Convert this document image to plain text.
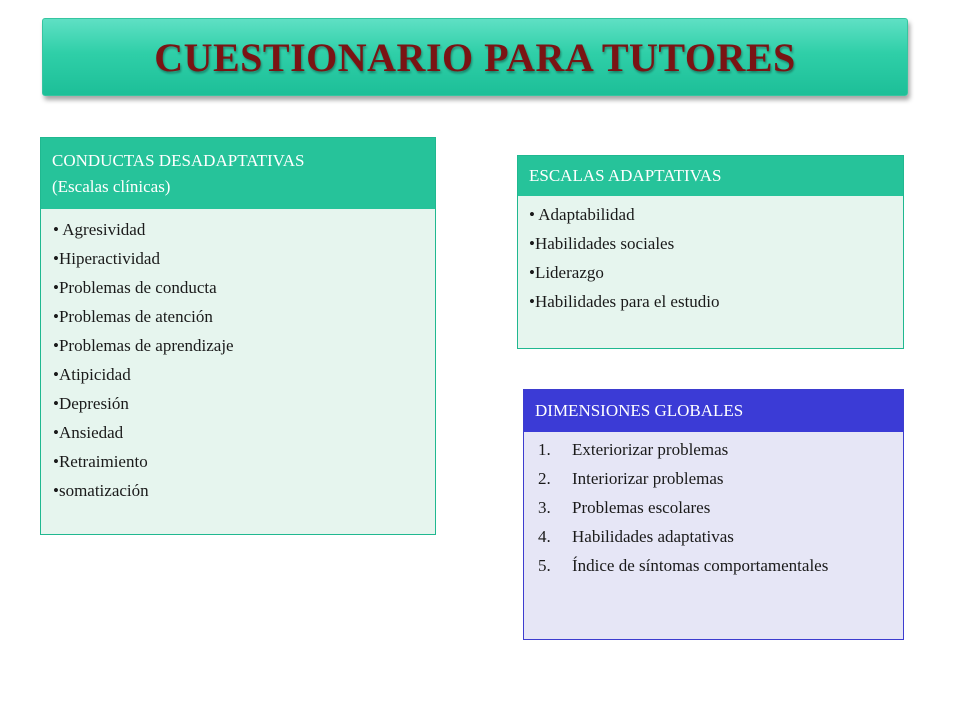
CUESTIONARIO PARA TUTORES
CONDUCTAS DESADAPTATIVAS
(Escalas clínicas)
• Agresividad
•Hiperactividad
•Problemas de conducta
•Problemas de atención
•Problemas de aprendizaje
•Atipicidad
•Depresión
•Ansiedad
•Retraimiento
•somatización
ESCALAS ADAPTATIVAS
• Adaptabilidad
•Habilidades sociales
•Liderazgo
•Habilidades para el estudio
DIMENSIONES GLOBALES
1.	Exteriorizar problemas
2.	Interiorizar problemas
3.	Problemas escolares
4.	Habilidades adaptativas
5.	Índice de síntomas comportamentales
